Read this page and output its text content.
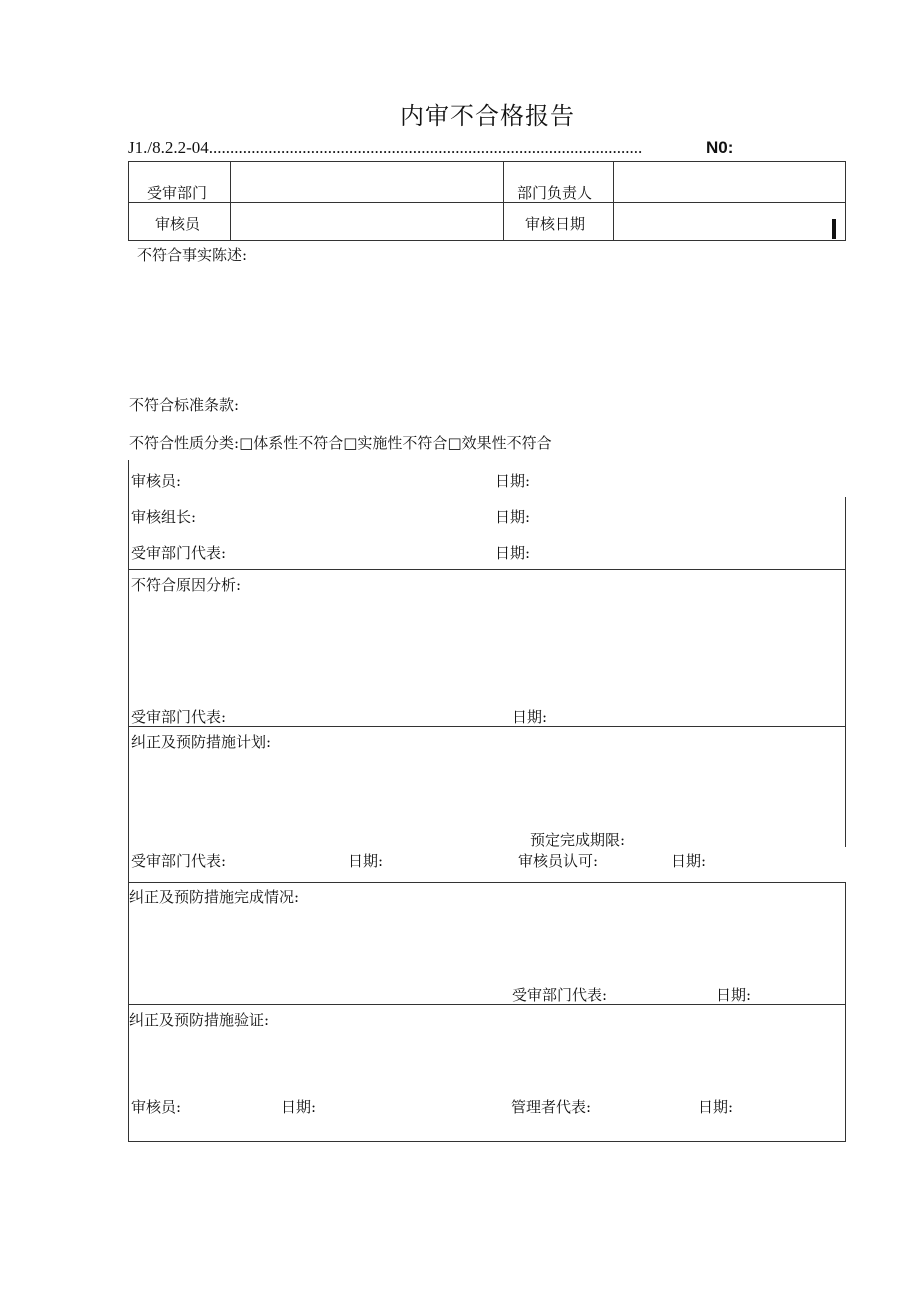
内审不合格报告
J1./8.2.2-04......................................................................................................	N0:
受审部门	部门负责人
审核员	审核日期
不符合事实陈述:
不符合标准条款:
不符合性质分类:□体系性不符合□实施性不符合□效果性不符合
审核员:	日期:
审核组长:	日期:
受审部门代表:	日期:
不符合原因分析:
受审部门代表:	日期:
纠正及预防措施计划:
预定完成期限:
受审部门代表:	日期:	审核员认可:	日期:
纠正及预防措施完成情况:
受审部门代表:	日期:
纠正及预防措施验证:
审核员:	日期:	管理者代表:	日期:
